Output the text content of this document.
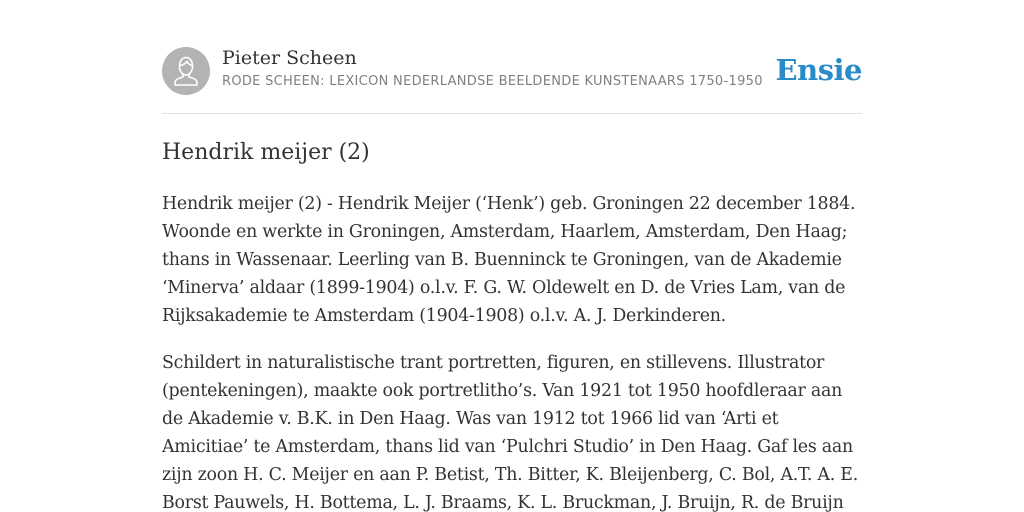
Pieter Scheen
RODE SCHEEN: LEXICON NEDERLANDSE BEELDENDE KUNSTENAARS 1750-1950 Ensie
Hendrik meijer (2)

Hendrik meijer (2) - Hendrik Meijer (‘Henk’) geb. Groningen 22 december 1884. Woonde en werkte in Groningen, Amsterdam, Haarlem, Amsterdam, Den Haag; thans in Wassenaar. Leerling van B. Buenninck te Groningen, van de Akademie ‘Minerva’ aldaar (1899-1904) o.l.v. F. G. W. Oldewelt en D. de Vries Lam, van de Rijksakademie te Amsterdam (1904-1908) o.l.v. A. J. Derkinderen.

Schildert in naturalistische trant portretten, figuren, en stillevens. Illustrator (pentekeningen), maakte ook portretlitho’s. Van 1921 tot 1950 hoofdleraar aan de Akademie v. B.K. in Den Haag. Was van 1912 tot 1966 lid van ‘Arti et Amicitiae’ te Amsterdam, thans lid van ‘Pulchri Studio’ in Den Haag. Gaf les aan zijn zoon H. C. Meijer en aan P. Betist, Th. Bitter, K. Bleijenberg, C. Bol, A.T. A. E. Borst Pauwels, H. Bottema, L. J. Braams, K. L. Bruckman, J. Bruijn, R. de Bruijn
